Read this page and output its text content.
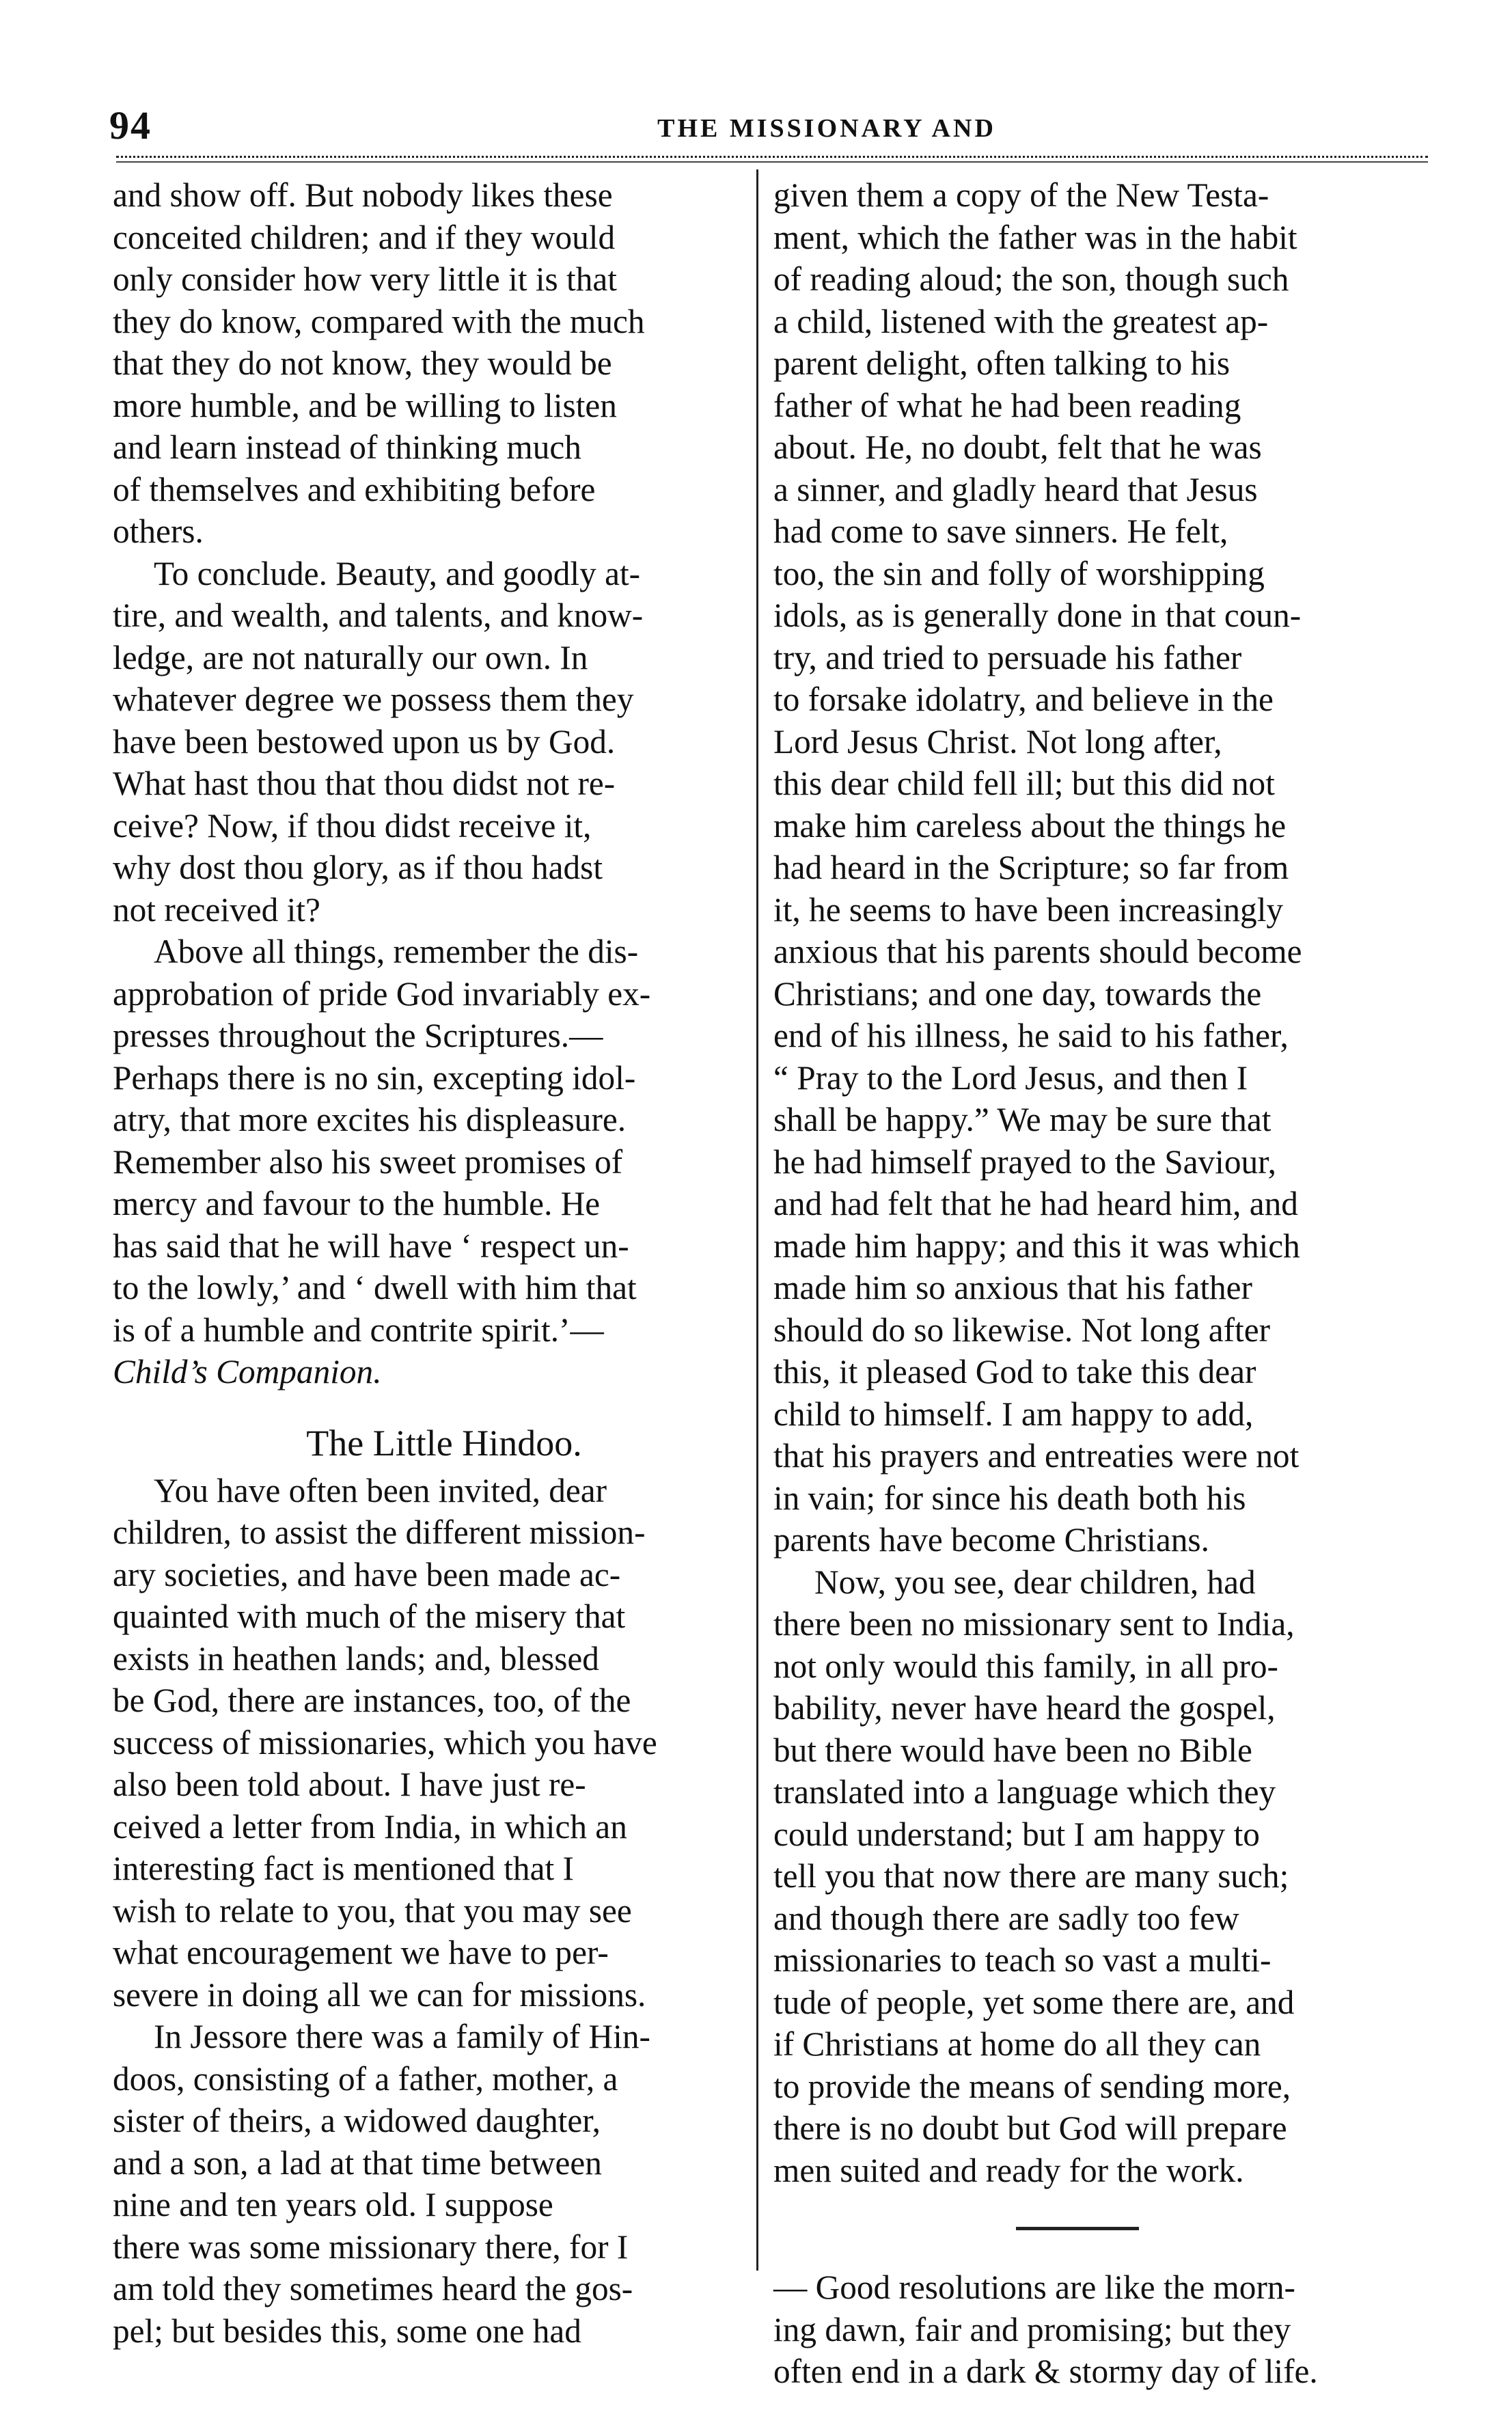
94	THE MISSIONARY AND
and show off. But nobody likes these
conceited children; and if they would
only consider how very little it is that
they do know, compared with the much
that they do not know, they would be
more humble, and be willing to listen
and learn instead of thinking much
of themselves and exhibiting before
others.
To conclude. Beauty, and goodly at-
tire, and wealth, and talents, and know-
ledge, are not naturally our own. In
whatever degree we possess them they
have been bestowed upon us by God.
What hast thou that thou didst not re-
ceive? Now, if thou didst receive it,
why dost thou glory, as if thou hadst
not received it?
Above all things, remember the dis-
approbation of pride God invariably ex-
presses throughout the Scriptures.—
Perhaps there is no sin, excepting idol-
atry, that more excites his displeasure.
Remember also his sweet promises of
mercy and favour to the humble. He
has said that he will have ‘ respect un-
to the lowly,’ and ‘ dwell with him that
is of a humble and contrite spirit.’—
Child’s Companion.
The Little Hindoo.
You have often been invited, dear
children, to assist the different mission-
ary societies, and have been made ac-
quainted with much of the misery that
exists in heathen lands; and, blessed
be God, there are instances, too, of the
success of missionaries, which you have
also been told about. I have just re-
ceived a letter from India, in which an
interesting fact is mentioned that I
wish to relate to you, that you may see
what encouragement we have to per-
severe in doing all we can for missions.
In Jessore there was a family of Hin-
doos, consisting of a father, mother, a
sister of theirs, a widowed daughter,
and a son, a lad at that time between
nine and ten years old. I suppose
there was some missionary there, for I
am told they sometimes heard the gos-
pel; but besides this, some one had
given them a copy of the New Testa-
ment, which the father was in the habit
of reading aloud; the son, though such
a child, listened with the greatest ap-
parent delight, often talking to his
father of what he had been reading
about. He, no doubt, felt that he was
a sinner, and gladly heard that Jesus
had come to save sinners. He felt,
too, the sin and folly of worshipping
idols, as is generally done in that coun-
try, and tried to persuade his father
to forsake idolatry, and believe in the
Lord Jesus Christ. Not long after,
this dear child fell ill; but this did not
make him careless about the things he
had heard in the Scripture; so far from
it, he seems to have been increasingly
anxious that his parents should become
Christians; and one day, towards the
end of his illness, he said to his father,
“ Pray to the Lord Jesus, and then I
shall be happy.” We may be sure that
he had himself prayed to the Saviour,
and had felt that he had heard him, and
made him happy; and this it was which
made him so anxious that his father
should do so likewise. Not long after
this, it pleased God to take this dear
child to himself. I am happy to add,
that his prayers and entreaties were not
in vain; for since his death both his
parents have become Christians.
Now, you see, dear children, had
there been no missionary sent to India,
not only would this family, in all pro-
bability, never have heard the gospel,
but there would have been no Bible
translated into a language which they
could understand; but I am happy to
tell you that now there are many such;
and though there are sadly too few
missionaries to teach so vast a multi-
tude of people, yet some there are, and
if Christians at home do all they can
to provide the means of sending more,
there is no doubt but God will prepare
men suited and ready for the work.
— Good resolutions are like the morn-
ing dawn, fair and promising; but they
often end in a dark & stormy day of life.
